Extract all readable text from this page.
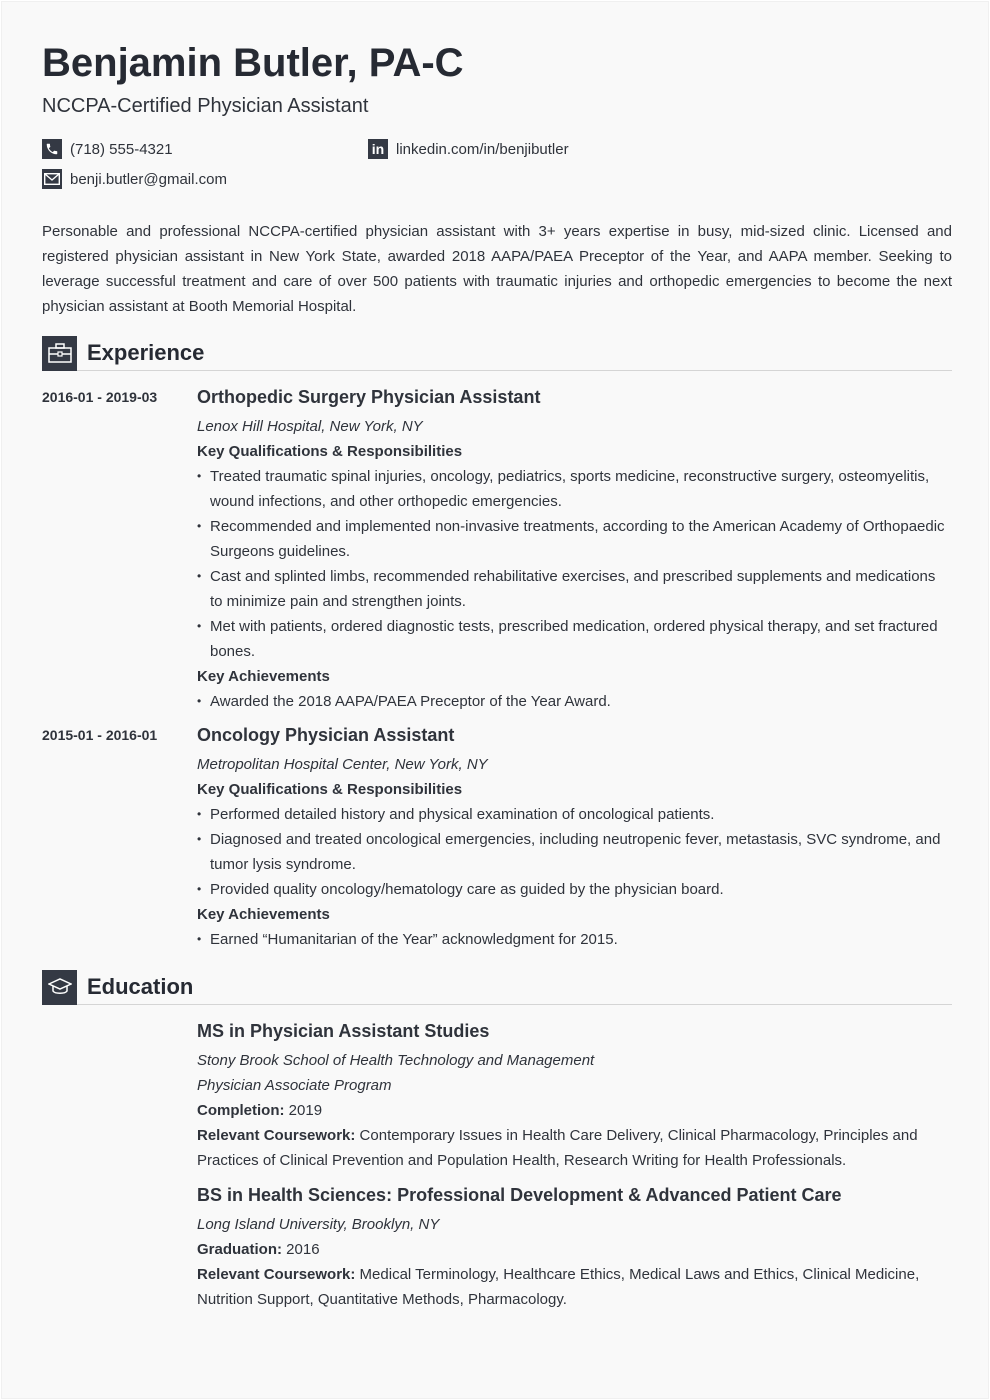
Benjamin Butler, PA-C
NCCPA-Certified Physician Assistant
(718) 555-4321	in linkedin.com/in/benjibutler
benji.butler@gmail.com

Personable and professional NCCPA-certified physician assistant with 3+ years expertise in busy, mid-sized clinic. Licensed and registered physician assistant in New York State, awarded 2018 AAPA/PAEA Preceptor of the Year, and AAPA member. Seeking to leverage successful treatment and care of over 500 patients with traumatic injuries and orthopedic emergencies to become the next physician assistant at Booth Memorial Hospital.

Experience
2016-01 - 2019-03	Orthopedic Surgery Physician Assistant
Lenox Hill Hospital, New York, NY
Key Qualifications & Responsibilities
• Treated traumatic spinal injuries, oncology, pediatrics, sports medicine, reconstructive surgery, osteomyelitis, wound infections, and other orthopedic emergencies.
• Recommended and implemented non-invasive treatments, according to the American Academy of Orthopaedic Surgeons guidelines.
• Cast and splinted limbs, recommended rehabilitative exercises, and prescribed supplements and medications to minimize pain and strengthen joints.
• Met with patients, ordered diagnostic tests, prescribed medication, ordered physical therapy, and set fractured bones.
Key Achievements
• Awarded the 2018 AAPA/PAEA Preceptor of the Year Award.
2015-01 - 2016-01	Oncology Physician Assistant
Metropolitan Hospital Center, New York, NY
Key Qualifications & Responsibilities
• Performed detailed history and physical examination of oncological patients.
• Diagnosed and treated oncological emergencies, including neutropenic fever, metastasis, SVC syndrome, and tumor lysis syndrome.
• Provided quality oncology/hematology care as guided by the physician board.
Key Achievements
• Earned “Humanitarian of the Year” acknowledgment for 2015.
Education
MS in Physician Assistant Studies
Stony Brook School of Health Technology and Management
Physician Associate Program
Completion: 2019
Relevant Coursework: Contemporary Issues in Health Care Delivery, Clinical Pharmacology, Principles and Practices of Clinical Prevention and Population Health, Research Writing for Health Professionals.
BS in Health Sciences: Professional Development & Advanced Patient Care
Long Island University, Brooklyn, NY
Graduation: 2016
Relevant Coursework: Medical Terminology, Healthcare Ethics, Medical Laws and Ethics, Clinical Medicine, Nutrition Support, Quantitative Methods, Pharmacology.
